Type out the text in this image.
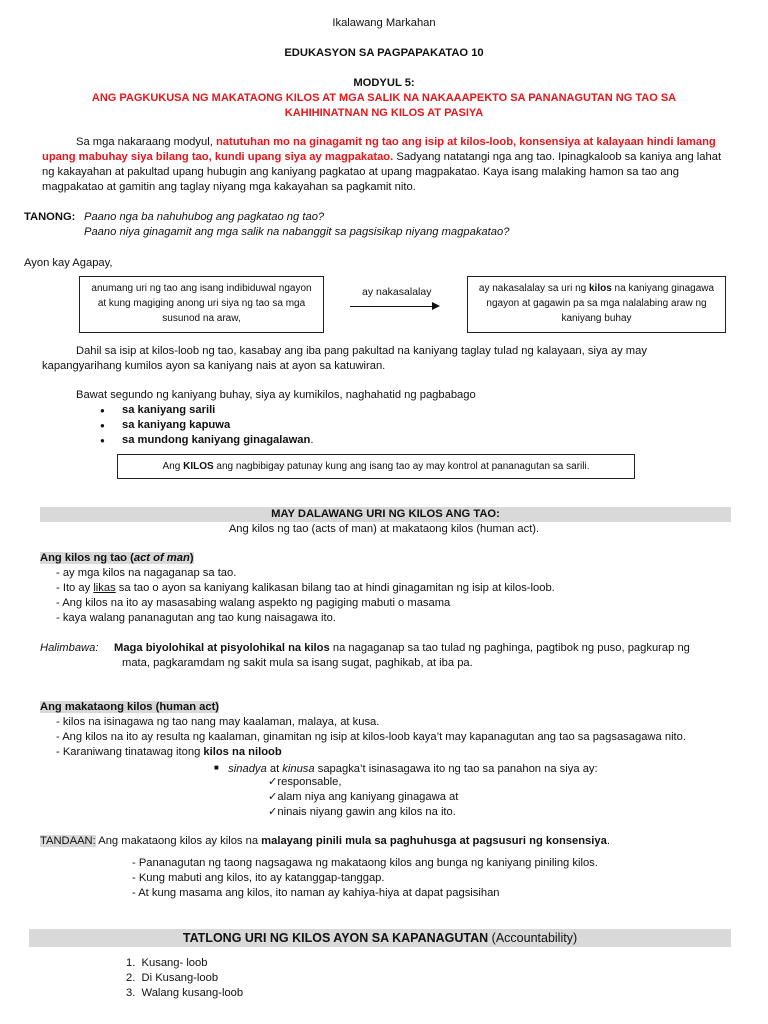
Ikalawang Markahan
EDUKASYON SA PAGPAPAKATAO 10
MODYUL 5:
ANG PAGKUKUSA NG MAKATAONG KILOS AT MGA SALIK NA NAKAAAPEKTO SA PANANAGUTAN NG TAO SA
KAHIHINATNAN NG KILOS AT PASIYA
Sa mga nakaraang modyul, natutuhan mo na ginagamit ng tao ang isip at kilos-loob, konsensiya at kalayaan hindi lamang
upang mabuhay siya bilang tao, kundi upang siya ay magpakatao. Sadyang natatangi nga ang tao. Ipinagkaloob sa kaniya ang lahat
ng kakayahan at pakultad upang hubugin ang kaniyang pagkatao at upang magpakatao. Kaya isang malaking hamon sa tao ang
magpakatao at gamitin ang taglay niyang mga kakayahan sa pagkamit nito.
TANONG: Paano nga ba nahuhubog ang pagkatao ng tao?
Paano niya ginagamit ang mga salik na nabanggit sa pagsisikap niyang magpakatao?
Ayon kay Agapay,
anumang uri ng tao ang isang indibiduwal ngayon at kung magiging anong uri siya ng tao sa mga susunod na araw,
ay nakasalalay	ay nakasalalay sa uri ng kilos na kaniyang ginagawa ngayon at gagawin pa sa mga nalalabing araw ng kaniyang buhay
Dahil sa isip at kilos-loob ng tao, kasabay ang iba pang pakultad na kaniyang taglay tulad ng kalayaan, siya ay may
kapangyarihang kumilos ayon sa kaniyang nais at ayon sa katuwiran.
Bawat segundo ng kaniyang buhay, siya ay kumikilos, naghahatid ng pagbabago
● sa kaniyang sarili
● sa kaniyang kapuwa
● sa mundong kaniyang ginagalawan.
Ang KILOS ang nagbibigay patunay kung ang isang tao ay may kontrol at pananagutan sa sarili.
MAY DALAWANG URI NG KILOS ANG TAO:
Ang kilos ng tao (acts of man) at makataong kilos (human act).
Ang kilos ng tao (act of man)
- ay mga kilos na nagaganap sa tao.
- Ito ay likas sa tao o ayon sa kaniyang kalikasan bilang tao at hindi ginagamitan ng isip at kilos-loob.
- Ang kilos na ito ay masasabing walang aspekto ng pagiging mabuti o masama
- kaya walang pananagutan ang tao kung naisagawa ito.
Halimbawa: Maga biyolohikal at pisyolohikal na kilos na nagaganap sa tao tulad ng paghinga, pagtibok ng puso, pagkurap ng
mata, pagkaramdam ng sakit mula sa isang sugat, paghikab, at iba pa.
Ang makataong kilos (human act)
- kilos na isinagawa ng tao nang may kaalaman, malaya, at kusa.
- Ang kilos na ito ay resulta ng kaalaman, ginamitan ng isip at kilos-loob kaya’t may kapanagutan ang tao sa pagsasagawa nito.
- Karaniwang tinatawag itong kilos na niloob
■ sinadya at kinusa sapagka’t isinasagawa ito ng tao sa panahon na siya ay:
✓responsable,
✓alam niya ang kaniyang ginagawa at
✓ninais niyang gawin ang kilos na ito.
TANDAAN: Ang makataong kilos ay kilos na malayang pinili mula sa paghuhusga at pagsusuri ng konsensiya.
- Pananagutan ng taong nagsagawa ng makataong kilos ang bunga ng kaniyang piniling kilos.
- Kung mabuti ang kilos, ito ay katanggap-tanggap.
- At kung masama ang kilos, ito naman ay kahiya-hiya at dapat pagsisihan
TATLONG URI NG KILOS AYON SA KAPANAGUTAN (Accountability)
1.  Kusang- loob
2.  Di Kusang-loob
3.  Walang kusang-loob
